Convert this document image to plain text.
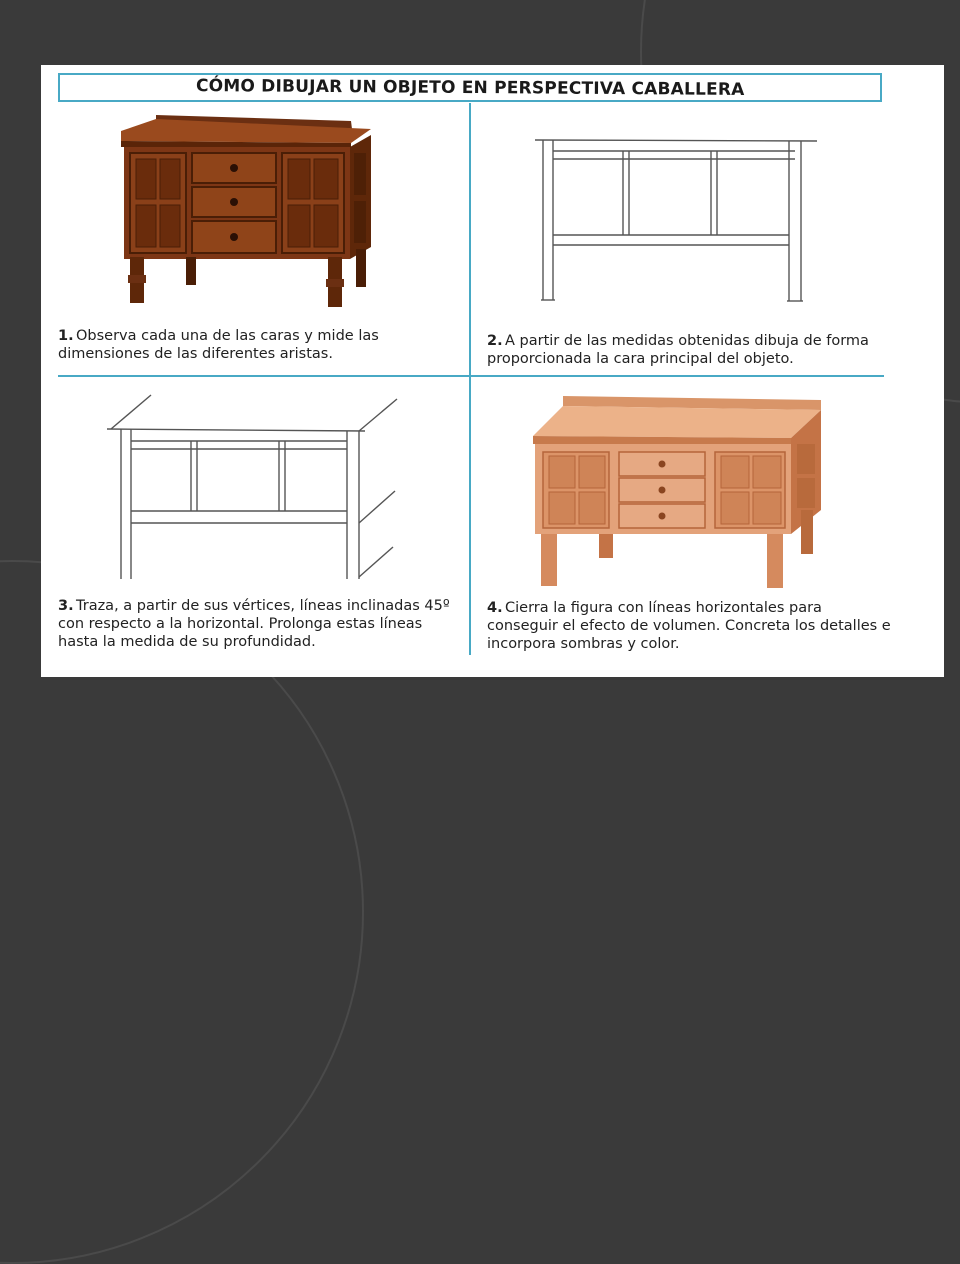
CÓMO DIBUJAR UN OBJETO EN PERSPECTIVA CABALLERA
1. Observa cada una de las caras y mide las dimensiones de las diferentes aristas.
2. A partir de las medidas obtenidas dibuja de forma proporcionada la cara principal del objeto.
3. Traza, a partir de sus vértices, líneas inclinadas 45º con respecto a la horizontal. Prolonga estas líneas hasta la medida de su profundidad.
4. Cierra la figura con líneas horizontales para conseguir el efecto de volumen. Concreta los detalles e incorpora sombras y color.
